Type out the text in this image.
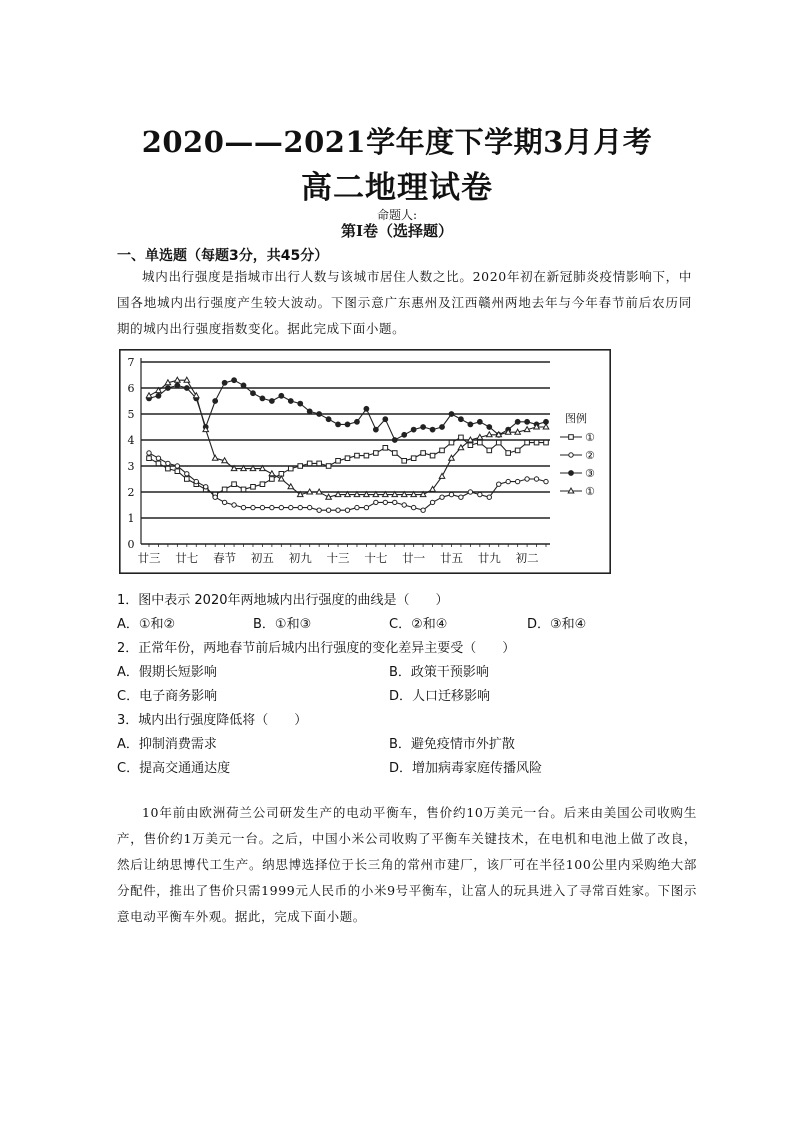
2020——2021学年度下学期3月月考
高二地理试卷
命题人:
第I卷（选择题）
一、单选题（每题3分，共45分）
城内出行强度是指城市出行人数与该城市居住人数之比。2020年初在新冠肺炎疫情影响下，中国各地城内出行强度产生较大波动。下图示意广东惠州及江西赣州两地去年与今年春节前后农历同期的城内出行强度指数变化。据此完成下面小题。
0
1
2
3
4
5
6
7
廿三 廿七 春节 初五 初九 十三 十七 廿一 廿五 廿九 初二
图例
①
②
③
①
1．图中表示 2020年两地城内出行强度的曲线是（　　）
A．①和②	B．①和③	C．②和④	D．③和④
2．正常年份，两地春节前后城内出行强度的变化差异主要受（　　）
A．假期长短影响	B．政策干预影响
C．电子商务影响	D．人口迁移影响
3．城内出行强度降低将（　　）
A．抑制消费需求	B．避免疫情市外扩散
C．提高交通通达度	D．增加病毒家庭传播风险
10年前由欧洲荷兰公司研发生产的电动平衡车，售价约10万美元一台。后来由美国公司收购生产，售价约1万美元一台。之后，中国小米公司收购了平衡车关键技术，在电机和电池上做了改良，然后让纳思博代工生产。纳思博选择位于长三角的常州市建厂，该厂可在半径100公里内采购绝大部分配件，推出了售价只需1999元人民币的小米9号平衡车，让富人的玩具进入了寻常百姓家。下图示意电动平衡车外观。据此，完成下面小题。
